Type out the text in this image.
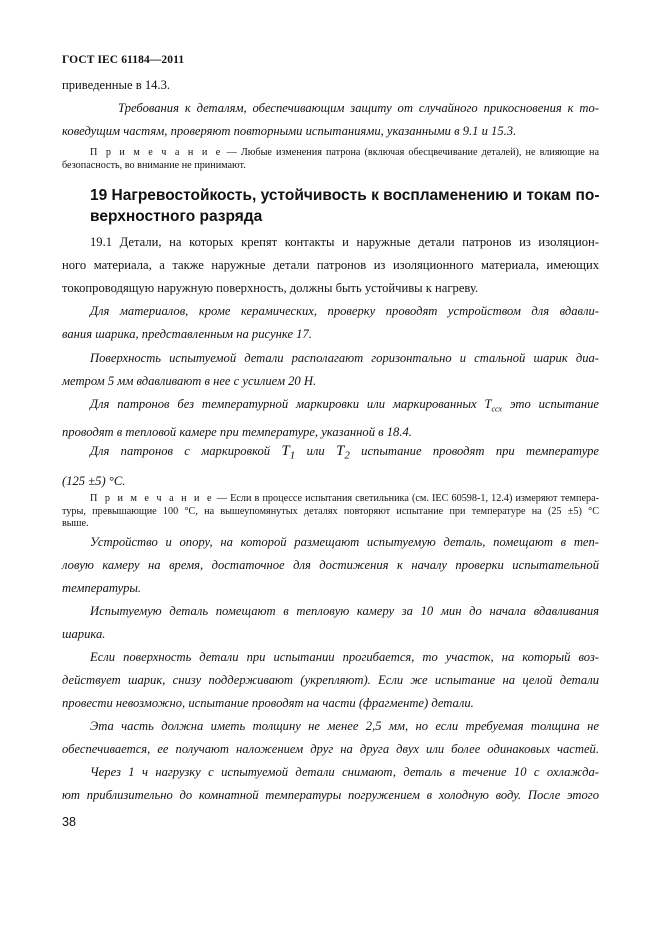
ГОСТ IEC 61184—2011
приведенные в 14.3.
Требования к деталям, обеспечивающим защиту от случайного прикосновения к то-
коведущим частям, проверяют повторными испытаниями, указанными в 9.1 и 15.3.
П р и м е ч а н и е — Любые изменения патрона (включая обесцвечивание деталей), не влияющие на
безопасность, во внимание не принимают.
19 Нагревостойкость, устойчивость к воспламенению и токам по-
верхностного разряда
19.1 Детали, на которых крепят контакты и наружные детали патронов из изоляцион-
ного материала, а также наружные детали патронов из изоляционного материала, имеющих
токопроводящую наружную поверхность, должны быть устойчивы к нагреву.
Для материалов, кроме керамических, проверку проводят устройством для вдавли-
вания шарика, представленным на рисунке 17.
Поверхность испытуемой детали располагают горизонтально и стальной шарик диа-
метром 5 мм вдавливают в нее с усилием 20 Н.
Для патронов без температурной маркировки или маркированных $T_{ccx}$ это испытание
проводят в тепловой камере при температуре, указанной в 18.4.
Для патронов с маркировкой $T_1$ или $T_2$ испытание проводят при температуре
(125 ±5) °С.
П р и м е ч а н и е — Если в процессе испытания светильника (см. IEC 60598-1, 12.4) измеряют темпера-
туры, превышающие 100 °С, на вышеупомянутых деталях повторяют испытание при температуре на (25 ±5) °С
выше.
Устройство и опору, на которой размещают испытуемую деталь, помещают в теп-
ловую камеру на время, достаточное для достижения к началу проверки испытательной
температуры.
Испытуемую деталь помещают в тепловую камеру за 10 мин до начала вдавливания
шарика.
Если поверхность детали при испытании прогибается, то участок, на который воз-
действует шарик, снизу поддерживают (укрепляют). Если же испытание на целой детали
провести невозможно, испытание проводят на части (фрагменте) детали.
Эта часть должна иметь толщину не менее 2,5 мм, но если требуемая толщина не
обеспечивается, ее получают наложением друг на друга двух или более одинаковых частей.
Через 1 ч нагрузку с испытуемой детали снимают, деталь в течение 10 с охлажда-
ют приблизительно до комнатной температуры погружением в холодную воду. После этого
38
